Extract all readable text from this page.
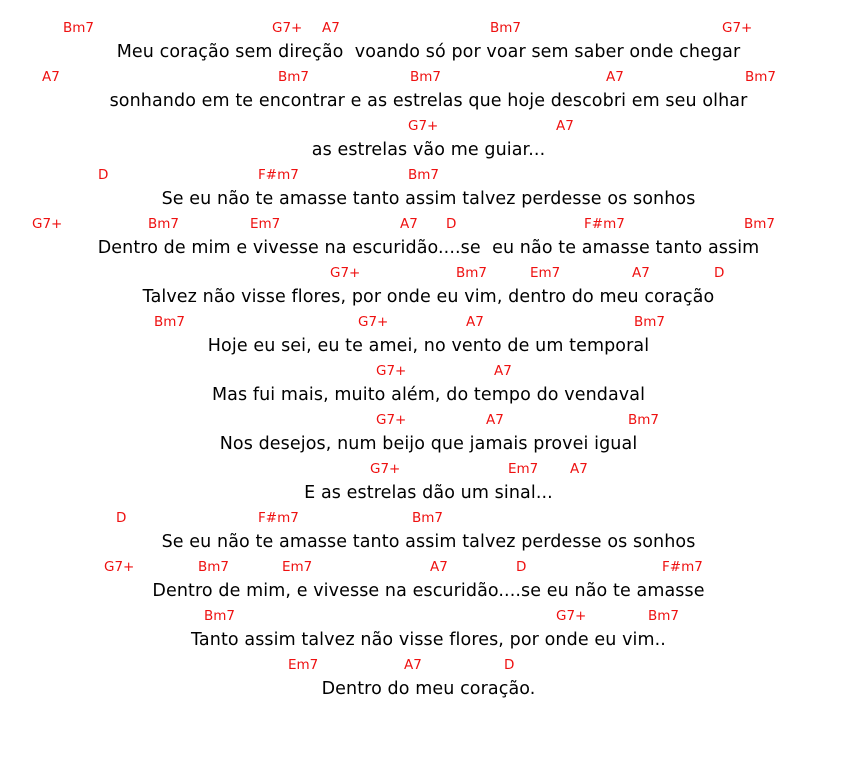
Bm7	G7+ A7	Bm7	G7+
Meu coração sem direção  voando só por voar sem saber onde chegar
A7	Bm7	Bm7	A7	Bm7
sonhando em te encontrar e as estrelas que hoje descobri em seu olhar
G7+	A7
as estrelas vão me guiar...
D	F#m7	Bm7
Se eu não te amasse tanto assim talvez perdesse os sonhos
G7+	Bm7	Em7	A7 D	F#m7	Bm7
Dentro de mim e vivesse na escuridão....se  eu não te amasse tanto assim
G7+	Bm7	Em7	A7	D
Talvez não visse flores, por onde eu vim, dentro do meu coração
Bm7	G7+	A7	Bm7
Hoje eu sei, eu te amei, no vento de um temporal
G7+	A7
Mas fui mais, muito além, do tempo do vendaval
G7+	A7	Bm7
Nos desejos, num beijo que jamais provei igual
G7+	Em7 A7
E as estrelas dão um sinal...
D	F#m7	Bm7
Se eu não te amasse tanto assim talvez perdesse os sonhos
G7+	Bm7	Em7	A7	D	F#m7
Dentro de mim, e vivesse na escuridão....se eu não te amasse
Bm7	G7+	Bm7
Tanto assim talvez não visse flores, por onde eu vim..
Em7	A7	D
Dentro do meu coração.
